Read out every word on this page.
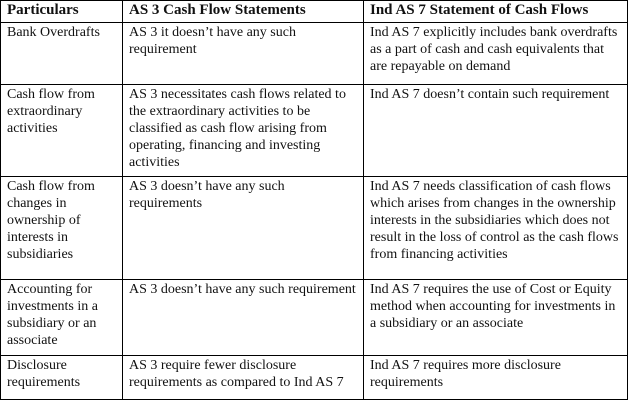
Particulars	AS 3 Cash Flow Statements	Ind AS 7 Statement of Cash Flows
Bank Overdrafts	AS 3 it doesn’t have any such requirement	Ind AS 7 explicitly includes bank overdrafts as a part of cash and cash equivalents that are repayable on demand
Cash flow from extraordinary activities	AS 3 necessitates cash flows related to the extraordinary activities to be classified as cash flow arising from operating, financing and investing activities	Ind AS 7 doesn’t contain such requirement
Cash flow from changes in ownership of interests in subsidiaries	AS 3 doesn’t have any such requirements	Ind AS 7 needs classification of cash flows which arises from changes in the ownership interests in the subsidiaries which does not result in the loss of control as the cash flows from financing activities
Accounting for investments in a subsidiary or an associate	AS 3 doesn’t have any such requirement	Ind AS 7 requires the use of Cost or Equity method when accounting for investments in a subsidiary or an associate
Disclosure requirements	AS 3 require fewer disclosure requirements as compared to Ind AS 7	Ind AS 7 requires more disclosure requirements
